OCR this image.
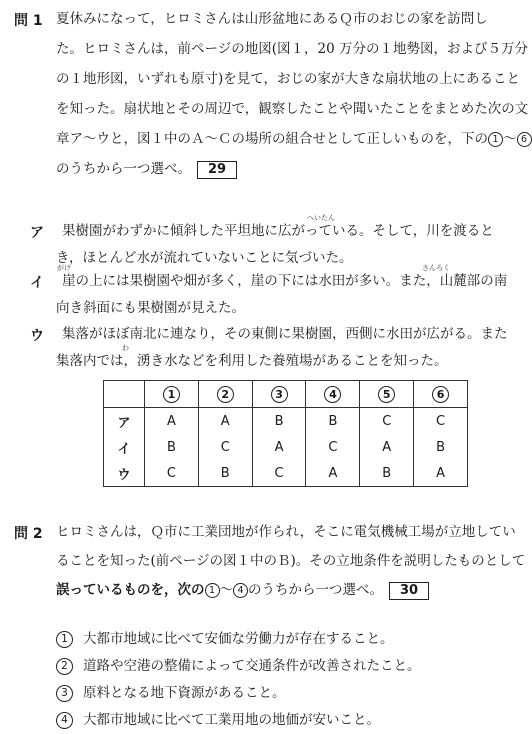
問 1 夏休みになって，ヒロミさんは山形盆地にあるＱ市のおじの家を訪問し
た。ヒロミさんは，前ページの地図(図１，20 万分の１地勢図，および５万分
の１地形図，いずれも原寸)を見て，おじの家が大きな扇状地の上にあること
を知った。扇状地とその周辺で，観察したことや聞いたことをまとめた次の文
章ア〜ウと，図１中のＡ〜Ｃの場所の組合せとして正しいものを，下の 1 〜 6
のうちから一つ選べ。 29
へいたん
ア 果樹園がわずかに傾斜した平坦地に広がっている。そして，川を渡ると
き，ほとんど水が流れていないことに気づいた。
がけ	さんろく
イ 崖の上には果樹園や畑が多く，崖の下には水田が多い。また，山麓部の南
向き斜面にも果樹園が見えた。
ウ 集落がほぼ南北に連なり，その東側に果樹園，西側に水田が広がる。また
わ
集落内では，湧き水などを利用した養殖場があることを知った。
	1	2	3	4	5	6
ア	A	A	B	B	C	C
イ	B	C	A	C	A	B
ウ	C	B	C	A	B	A
問 2 ヒロミさんは，Ｑ市に工業団地が作られ，そこに電気機械工場が立地してい
ることを知った(前ページの図１中のＢ)。その立地条件を説明したものとして
誤っているものを，次の 1 〜 4 のうちから一つ選べ。 30
1 大都市地域に比べて安価な労働力が存在すること。
2 道路や空港の整備によって交通条件が改善されたこと。
3 原料となる地下資源があること。
4 大都市地域に比べて工業用地の地価が安いこと。
